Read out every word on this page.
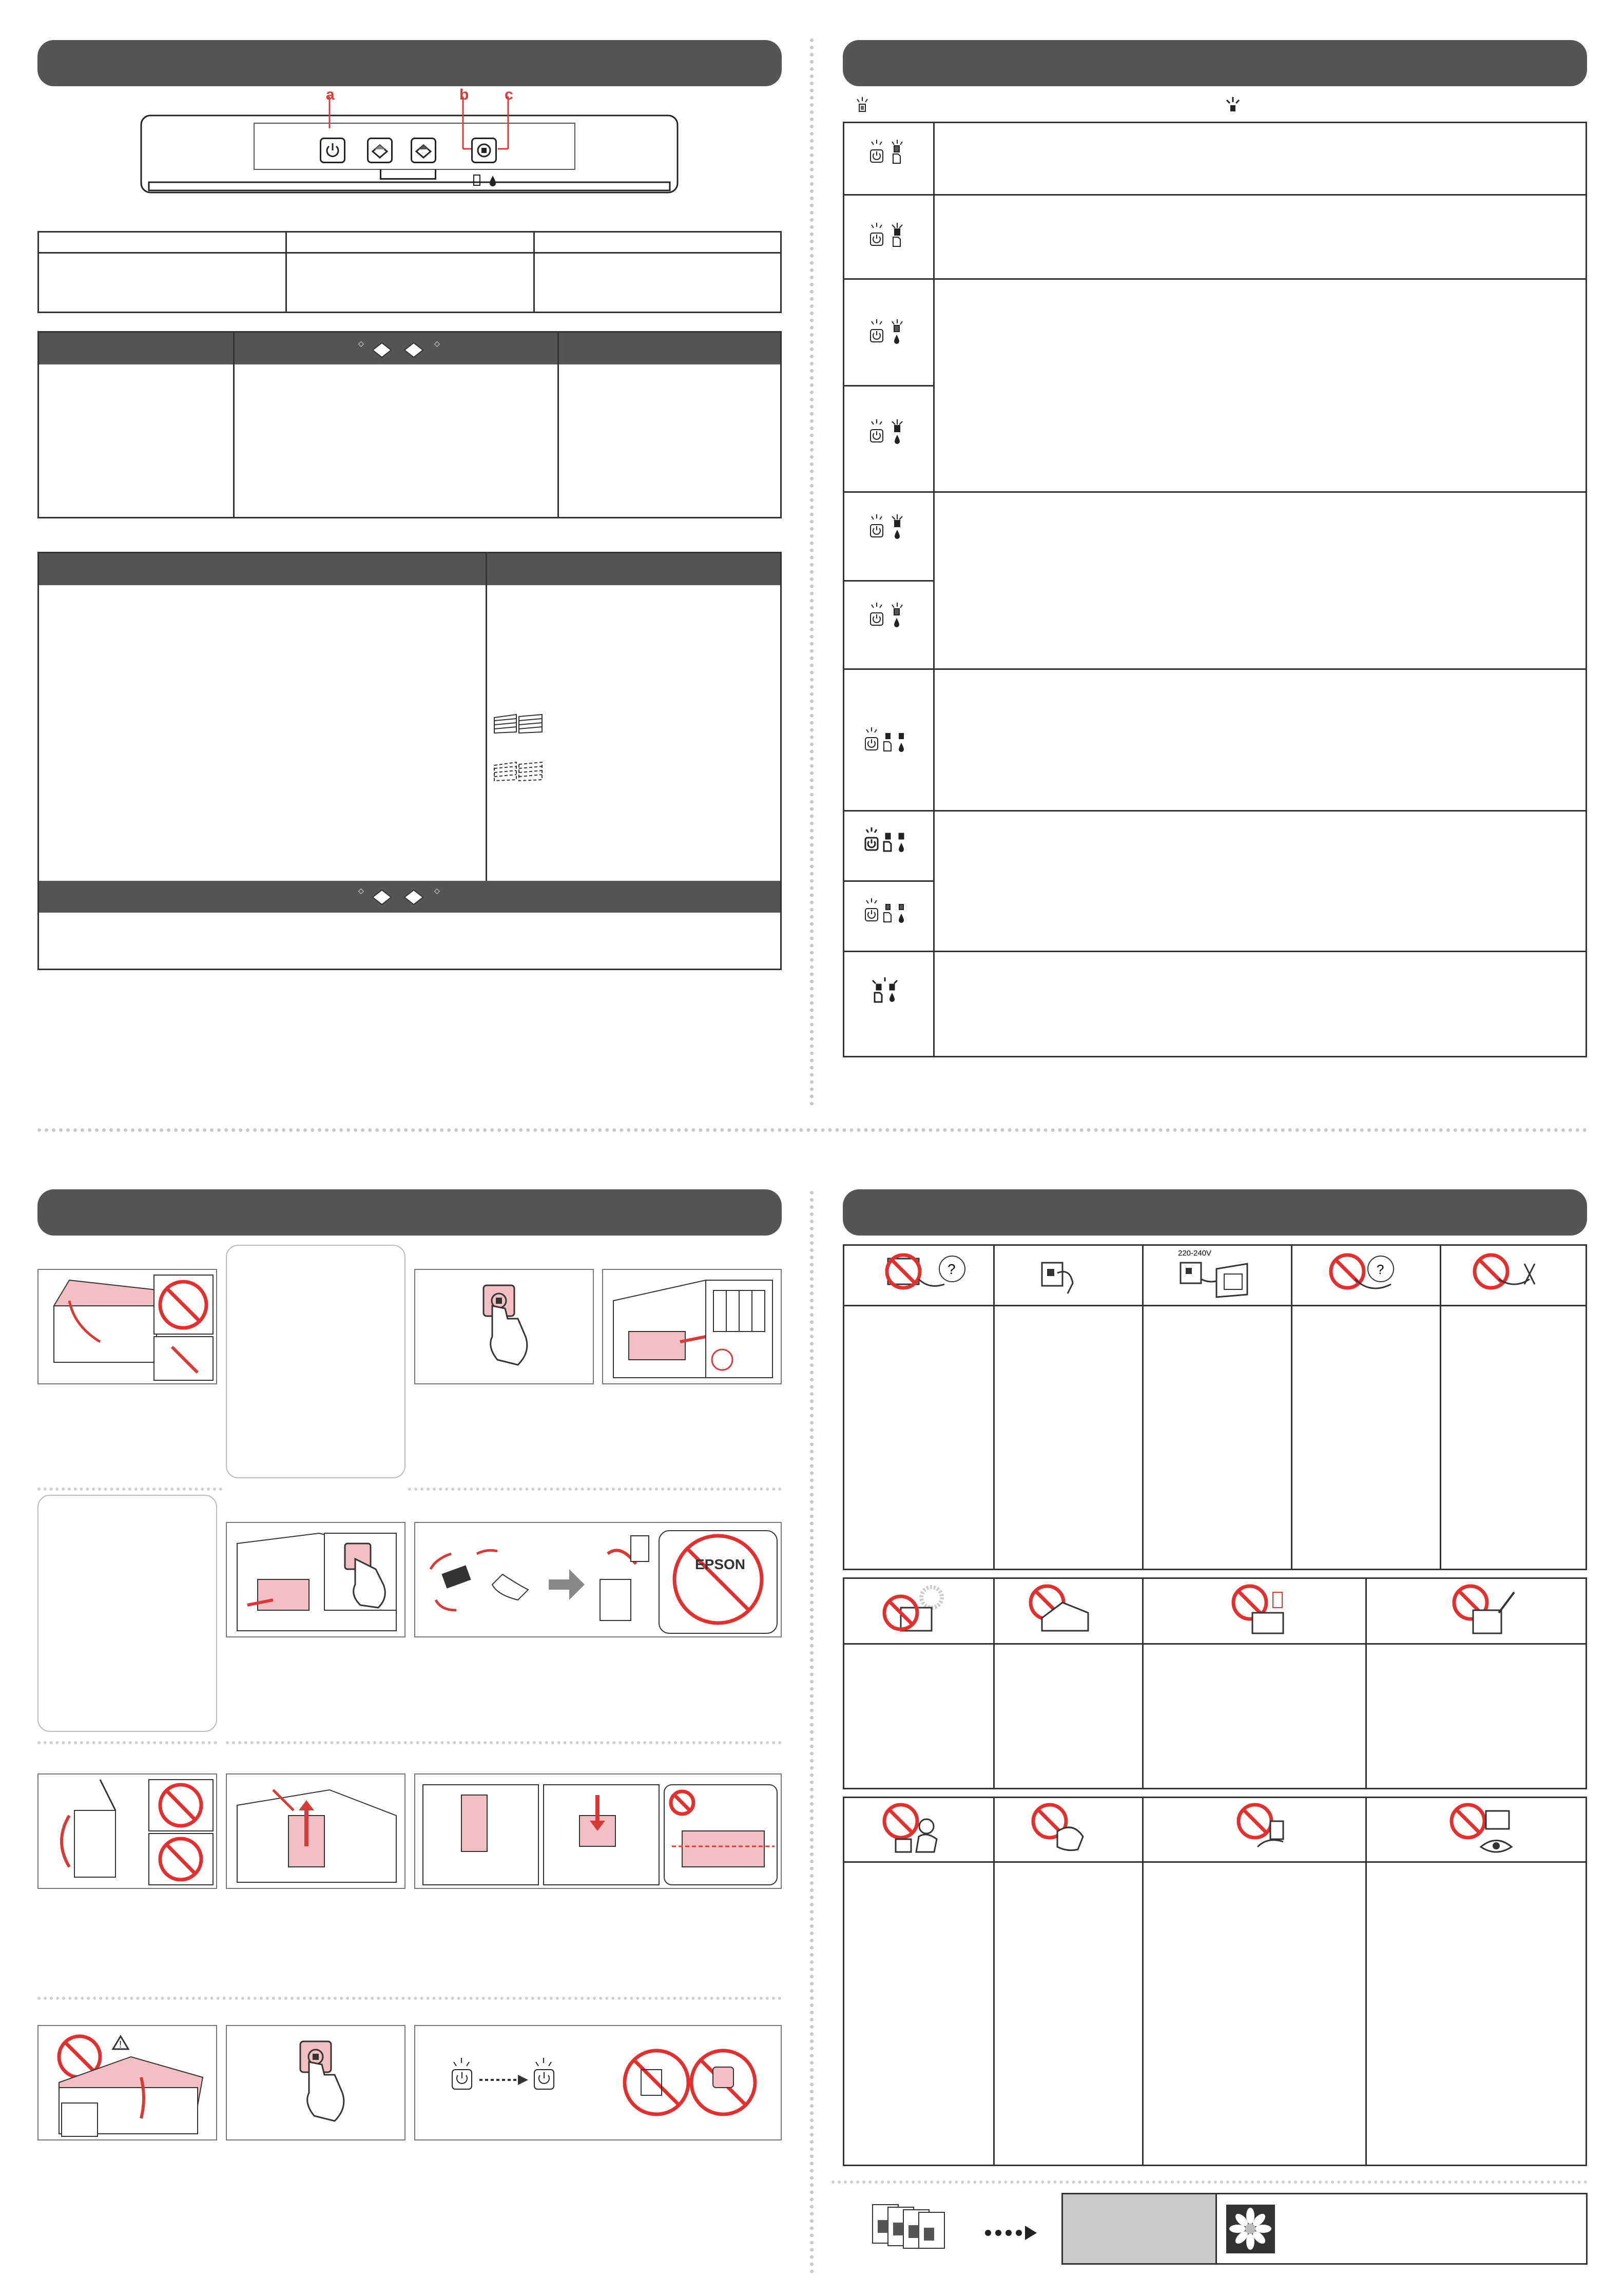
a	b c
◇	◇
◇	◇
EPSON
!
?
220-240V
?
